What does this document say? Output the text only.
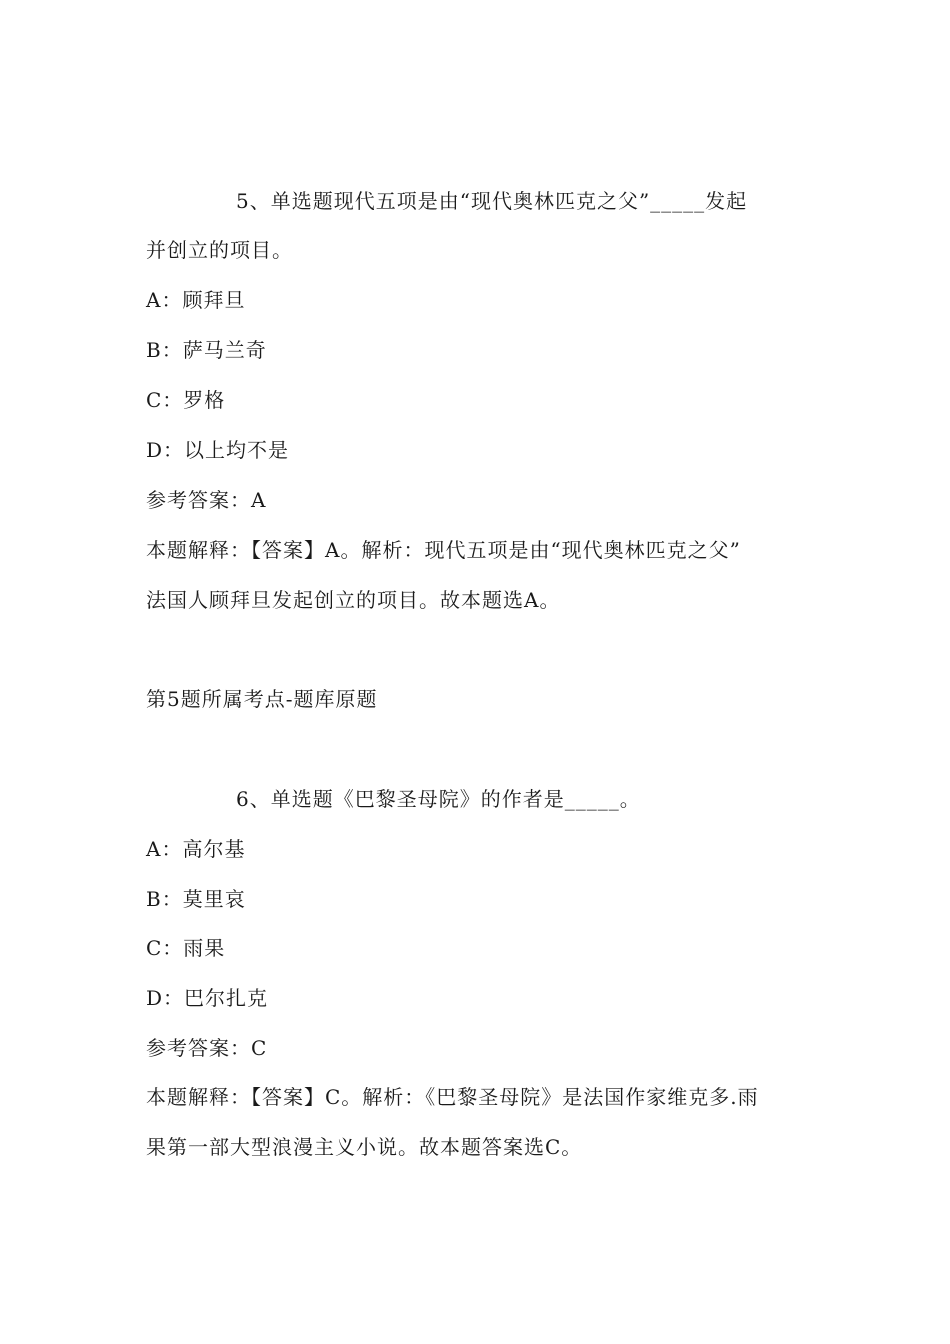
5、单选题现代五项是由“现代奥林匹克之父”_____发起
并创立的项目。
A：顾拜旦
B：萨马兰奇
C：罗格
D：以上均不是
参考答案：A
本题解释：【答案】A。解析：现代五项是由“现代奥林匹克之父”
法国人顾拜旦发起创立的项目。故本题选A。
第5题所属考点-题库原题
6、单选题《巴黎圣母院》的作者是_____。
A：高尔基
B：莫里哀
C：雨果
D：巴尔扎克
参考答案：C
本题解释：【答案】C。解析：《巴黎圣母院》是法国作家维克多.雨
果第一部大型浪漫主义小说。故本题答案选C。
